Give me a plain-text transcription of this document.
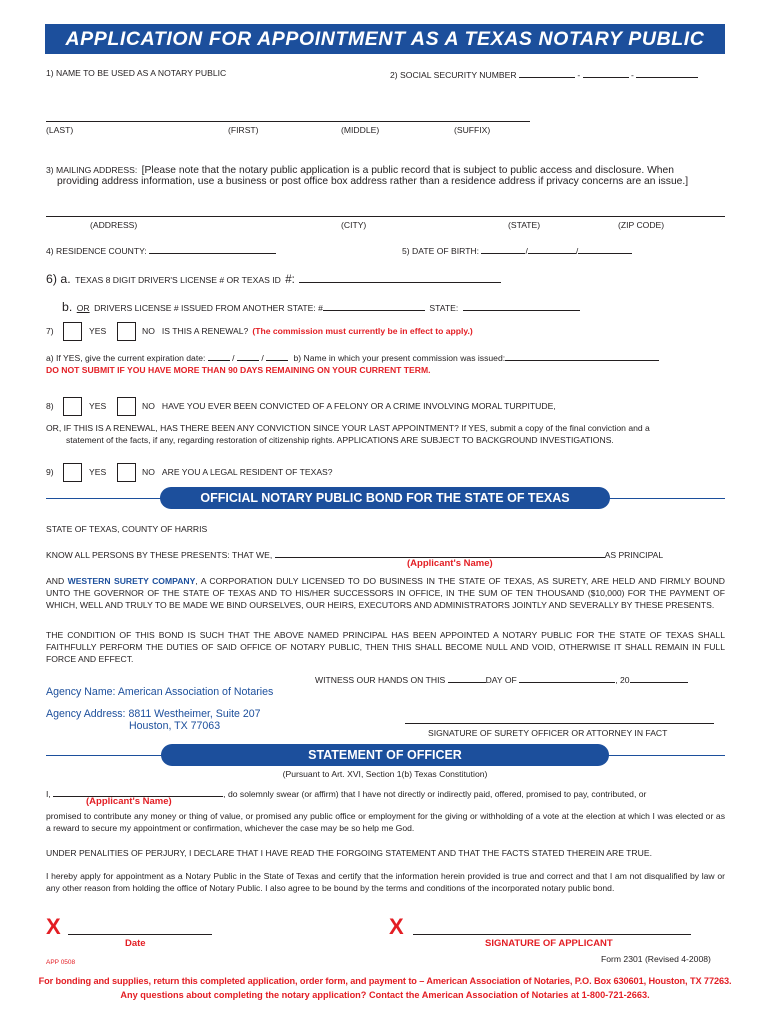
APPLICATION FOR APPOINTMENT AS A TEXAS NOTARY PUBLIC
1) NAME TO BE USED AS A NOTARY PUBLIC	2) SOCIAL SECURITY NUMBER	-	-
(LAST)	(FIRST)	(MIDDLE)	(SUFFIX)
3) MAILING ADDRESS: [Please note that the notary public application is a public record that is subject to public access and disclosure. When
providing address information, use a business or post office box address rather than a residence address if privacy concerns are an issue.]
(ADDRESS)	(CITY)	(STATE)	(ZIP CODE)
4) RESIDENCE COUNTY:	5) DATE OF BIRTH:	/	/
6) a. TEXAS 8 DIGIT DRIVER'S LICENSE # OR TEXAS ID #:
b. OR DRIVERS LICENSE # ISSUED FROM ANOTHER STATE: #	STATE:
7)	YES	NO IS THIS A RENEWAL? (The commission must currently be in effect to apply.)
a) If YES, give the current expiration date:	/	/	b) Name in which your present commission was issued:
DO NOT SUBMIT IF YOU HAVE MORE THAN 90 DAYS REMAINING ON YOUR CURRENT TERM.
8)	YES	NO HAVE YOU EVER BEEN CONVICTED OF A FELONY OR A CRIME INVOLVING MORAL TURPITUDE,
OR, IF THIS IS A RENEWAL, HAS THERE BEEN ANY CONVICTION SINCE YOUR LAST APPOINTMENT? If YES, submit a copy of the final conviction and a
statement of the facts, if any, regarding restoration of citizenship rights. APPLICATIONS ARE SUBJECT TO BACKGROUND INVESTIGATIONS.
9)	YES	NO ARE YOU A LEGAL RESIDENT OF TEXAS?
OFFICIAL NOTARY PUBLIC BOND FOR THE STATE OF TEXAS
STATE OF TEXAS, COUNTY OF HARRIS
KNOW ALL PERSONS BY THESE PRESENTS: THAT WE,	AS PRINCIPAL
(Applicant's Name)
AND WESTERN SURETY COMPANY, A CORPORATION DULY LICENSED TO DO BUSINESS IN THE STATE OF TEXAS, AS SURETY, ARE HELD AND FIRMLY BOUND UNTO THE GOVERNOR OF THE STATE OF TEXAS AND TO HIS/HER SUCCESSORS IN OFFICE, IN THE SUM OF TEN THOUSAND ($10,000) FOR THE PAYMENT OF WHICH, WELL AND TRULY TO BE MADE WE BIND OURSELVES, OUR HEIRS, EXECUTORS AND ADMINISTRATORS JOINTLY AND SEVERALLY BY THESE PRESENTS.
THE CONDITION OF THIS BOND IS SUCH THAT THE ABOVE NAMED PRINCIPAL HAS BEEN APPOINTED A NOTARY PUBLIC FOR THE STATE OF TEXAS SHALL FAITHFULLY PERFORM THE DUTIES OF SAID OFFICE OF NOTARY PUBLIC, THEN THIS SHALL BECOME NULL AND VOID, OTHERWISE IT SHALL REMAIN IN FULL FORCE AND EFFECT.
WITNESS OUR HANDS ON THIS	DAY OF	, 20
Agency Name: American Association of Notaries
Agency Address: 8811 Westheimer, Suite 207
Houston, TX 77063
SIGNATURE OF SURETY OFFICER OR ATTORNEY IN FACT
STATEMENT OF OFFICER
(Pursuant to Art. XVI, Section 1(b) Texas Constitution)
I,	, do solemnly swear (or affirm) that I have not directly or indirectly paid, offered, promised to pay, contributed, or
(Applicant's Name)
promised to contribute any money or thing of value, or promised any public office or employment for the giving or withholding of a vote at the election at which I was elected or as a reward to secure my appointment or confirmation, whichever the case may be so help me God.
UNDER PENALITIES OF PERJURY, I DECLARE THAT I HAVE READ THE FORGOING STATEMENT AND THAT THE FACTS STATED THEREIN ARE TRUE.
I hereby apply for appointment as a Notary Public in the State of Texas and certify that the information herein provided is true and correct and that I am not disqualified by law or any other reason from holding the office of Notary Public. I also agree to be bound by the terms and conditions of the incorporated notary public bond.
X
Date
X
SIGNATURE OF APPLICANT
APP 0508	Form 2301 (Revised 4-2008)
For bonding and supplies, return this completed application, order form, and payment to – American Association of Notaries, P.O. Box 630601, Houston, TX 77263.
Any questions about completing the notary application? Contact the American Association of Notaries at 1-800-721-2663.
